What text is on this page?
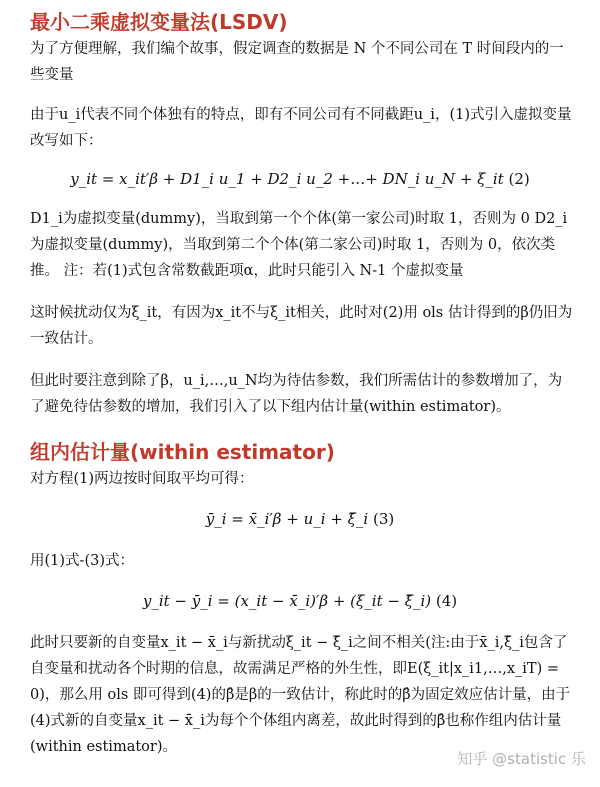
最小二乘虚拟变量法(LSDV)
为了方便理解，我们编个故事，假定调查的数据是 N 个不同公司在 T 时间段内的一些变量
由于u_i代表不同个体独有的特点，即有不同公司有不同截距u_i，(1)式引入虚拟变量改写如下：
y_it = x_it′β + D1_i u_1 + D2_i u_2 +…+ DN_i u_N + ξ_it (2)
D1_i为虚拟变量(dummy)，当取到第一个个体(第一家公司)时取 1，否则为 0 D2_i为虚拟变量(dummy)，当取到第二个个体(第二家公司)时取 1，否则为 0，依次类推。 注：若(1)式包含常数截距项α，此时只能引入 N-1 个虚拟变量
这时候扰动仅为ξ_it，有因为x_it不与ξ_it相关，此时对(2)用 ols 估计得到的β仍旧为一致估计。
但此时要注意到除了β，u_i,…,u_N均为待估参数，我们所需估计的参数增加了，为了避免待估参数的增加，我们引入了以下组内估计量(within estimator)。
组内估计量(within estimator)
对方程(1)两边按时间取平均可得：
ȳ_i = x̄_i′β + u_i + ξ̄_i (3)
用(1)式-(3)式：
y_it − ȳ_i = (x_it − x̄_i)′β + (ξ_it − ξ̄_i) (4)
此时只要新的自变量x_it − x̄_i与新扰动ξ_it − ξ̄_i之间不相关(注:由于x̄_i,ξ̄_i包含了自变量和扰动各个时期的信息，故需满足严格的外生性，即E(ξ_it|x_i1,…,x_iT) = 0)，那么用 ols 即可得到(4)的β̂是β的一致估计，称此时的β̂为固定效应估计量，由于(4)式新的自变量x_it − x̄_i为每个个体组内离差，故此时得到的β̂也称作组内估计量(within estimator)。
知乎 @statistic 乐
